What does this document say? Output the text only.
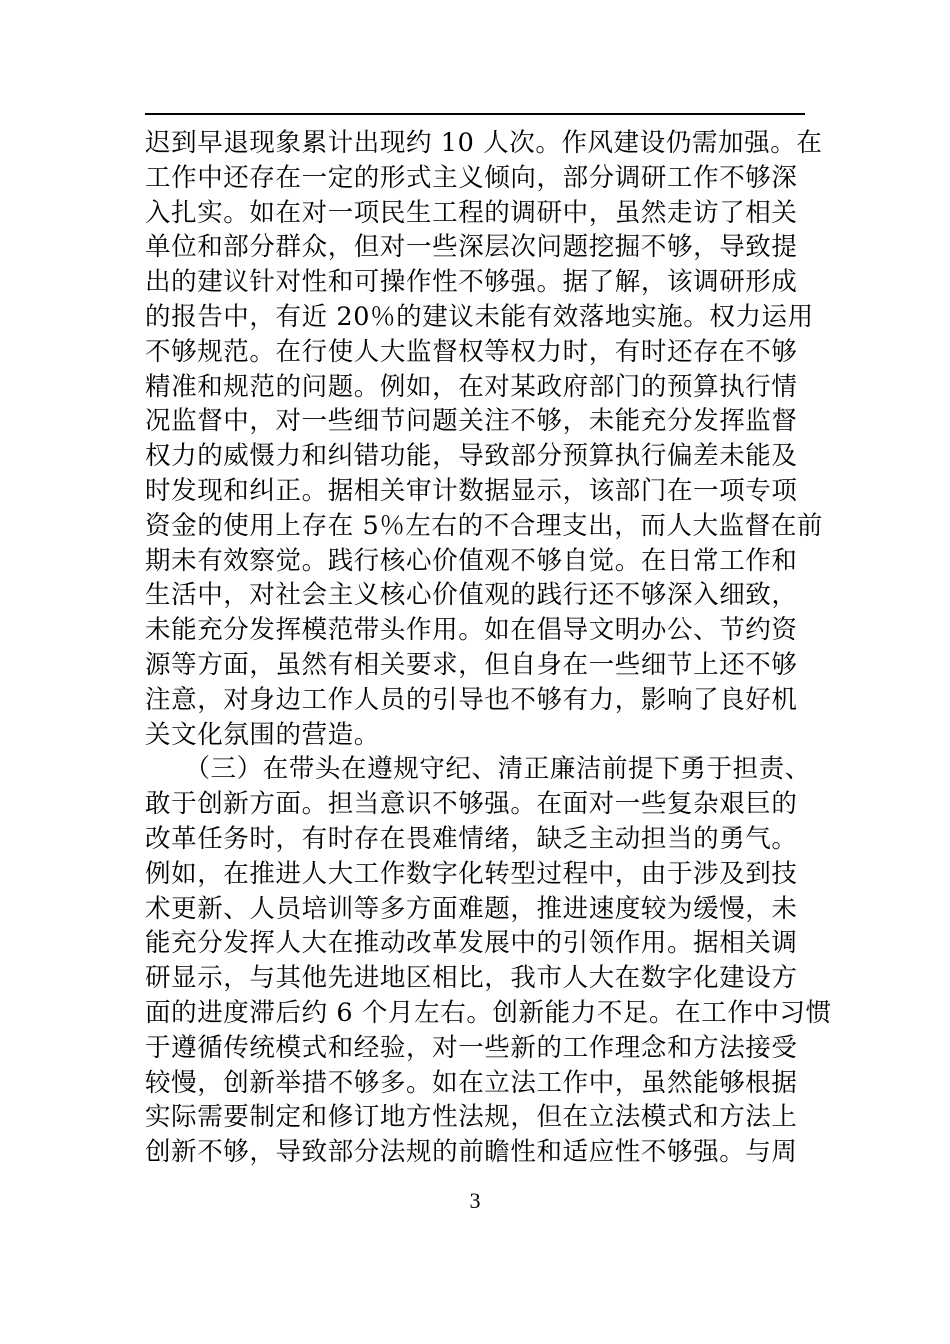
迟到早退现象累计出现约 10 人次。作风建设仍需加强。在
工作中还存在一定的形式主义倾向，部分调研工作不够深
入扎实。如在对一项民生工程的调研中，虽然走访了相关
单位和部分群众，但对一些深层次问题挖掘不够，导致提
出的建议针对性和可操作性不够强。据了解，该调研形成
的报告中，有近 20％的建议未能有效落地实施。权力运用
不够规范。在行使人大监督权等权力时，有时还存在不够
精准和规范的问题。例如，在对某政府部门的预算执行情
况监督中，对一些细节问题关注不够，未能充分发挥监督
权力的威慑力和纠错功能，导致部分预算执行偏差未能及
时发现和纠正。据相关审计数据显示，该部门在一项专项
资金的使用上存在 5％左右的不合理支出，而人大监督在前
期未有效察觉。践行核心价值观不够自觉。在日常工作和
生活中，对社会主义核心价值观的践行还不够深入细致，
未能充分发挥模范带头作用。如在倡导文明办公、节约资
源等方面，虽然有相关要求，但自身在一些细节上还不够
注意，对身边工作人员的引导也不够有力，影响了良好机
关文化氛围的营造。
　　（三）在带头在遵规守纪、清正廉洁前提下勇于担责、
敢于创新方面。担当意识不够强。在面对一些复杂艰巨的
改革任务时，有时存在畏难情绪，缺乏主动担当的勇气。
例如，在推进人大工作数字化转型过程中，由于涉及到技
术更新、人员培训等多方面难题，推进速度较为缓慢，未
能充分发挥人大在推动改革发展中的引领作用。据相关调
研显示，与其他先进地区相比，我市人大在数字化建设方
面的进度滞后约 6 个月左右。创新能力不足。在工作中习惯
于遵循传统模式和经验，对一些新的工作理念和方法接受
较慢，创新举措不够多。如在立法工作中，虽然能够根据
实际需要制定和修订地方性法规，但在立法模式和方法上
创新不够，导致部分法规的前瞻性和适应性不够强。与周
3
